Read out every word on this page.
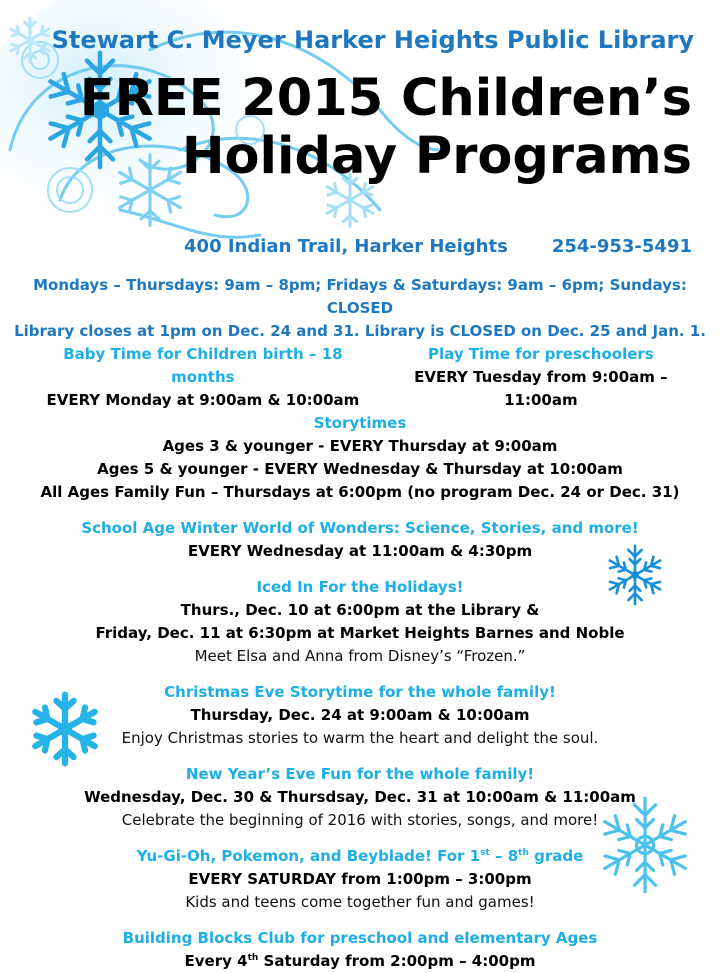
Stewart C. Meyer Harker Heights Public Library
FREE 2015 Children’s
Holiday Programs
400 Indian Trail, Harker Heights 254-953-5491
Mondays – Thursdays: 9am – 8pm; Fridays & Saturdays: 9am – 6pm; Sundays: CLOSED
Library closes at 1pm on Dec. 24 and 31. Library is CLOSED on Dec. 25 and Jan. 1.
Baby Time for Children birth – 18 months
EVERY Monday at 9:00am & 10:00am
Play Time for preschoolers
EVERY Tuesday from 9:00am – 11:00am
Storytimes
Ages 3 & younger - EVERY Thursday at 9:00am
Ages 5 & younger - EVERY Wednesday & Thursday at 10:00am
All Ages Family Fun – Thursdays at 6:00pm (no program Dec. 24 or Dec. 31)
School Age Winter World of Wonders: Science, Stories, and more!
EVERY Wednesday at 11:00am & 4:30pm
Iced In For the Holidays!
Thurs., Dec. 10 at 6:00pm at the Library &
Friday, Dec. 11 at 6:30pm at Market Heights Barnes and Noble
Meet Elsa and Anna from Disney’s “Frozen.”
Christmas Eve Storytime for the whole family!
Thursday, Dec. 24 at 9:00am & 10:00am
Enjoy Christmas stories to warm the heart and delight the soul.
New Year’s Eve Fun for the whole family!
Wednesday, Dec. 30 & Thursdsay, Dec. 31 at 10:00am & 11:00am
Celebrate the beginning of 2016 with stories, songs, and more!
Yu-Gi-Oh, Pokemon, and Beyblade! For 1st – 8th grade
EVERY SATURDAY from 1:00pm – 3:00pm
Kids and teens come together fun and games!
Building Blocks Club for preschool and elementary Ages
Every 4th Saturday from 2:00pm – 4:00pm
